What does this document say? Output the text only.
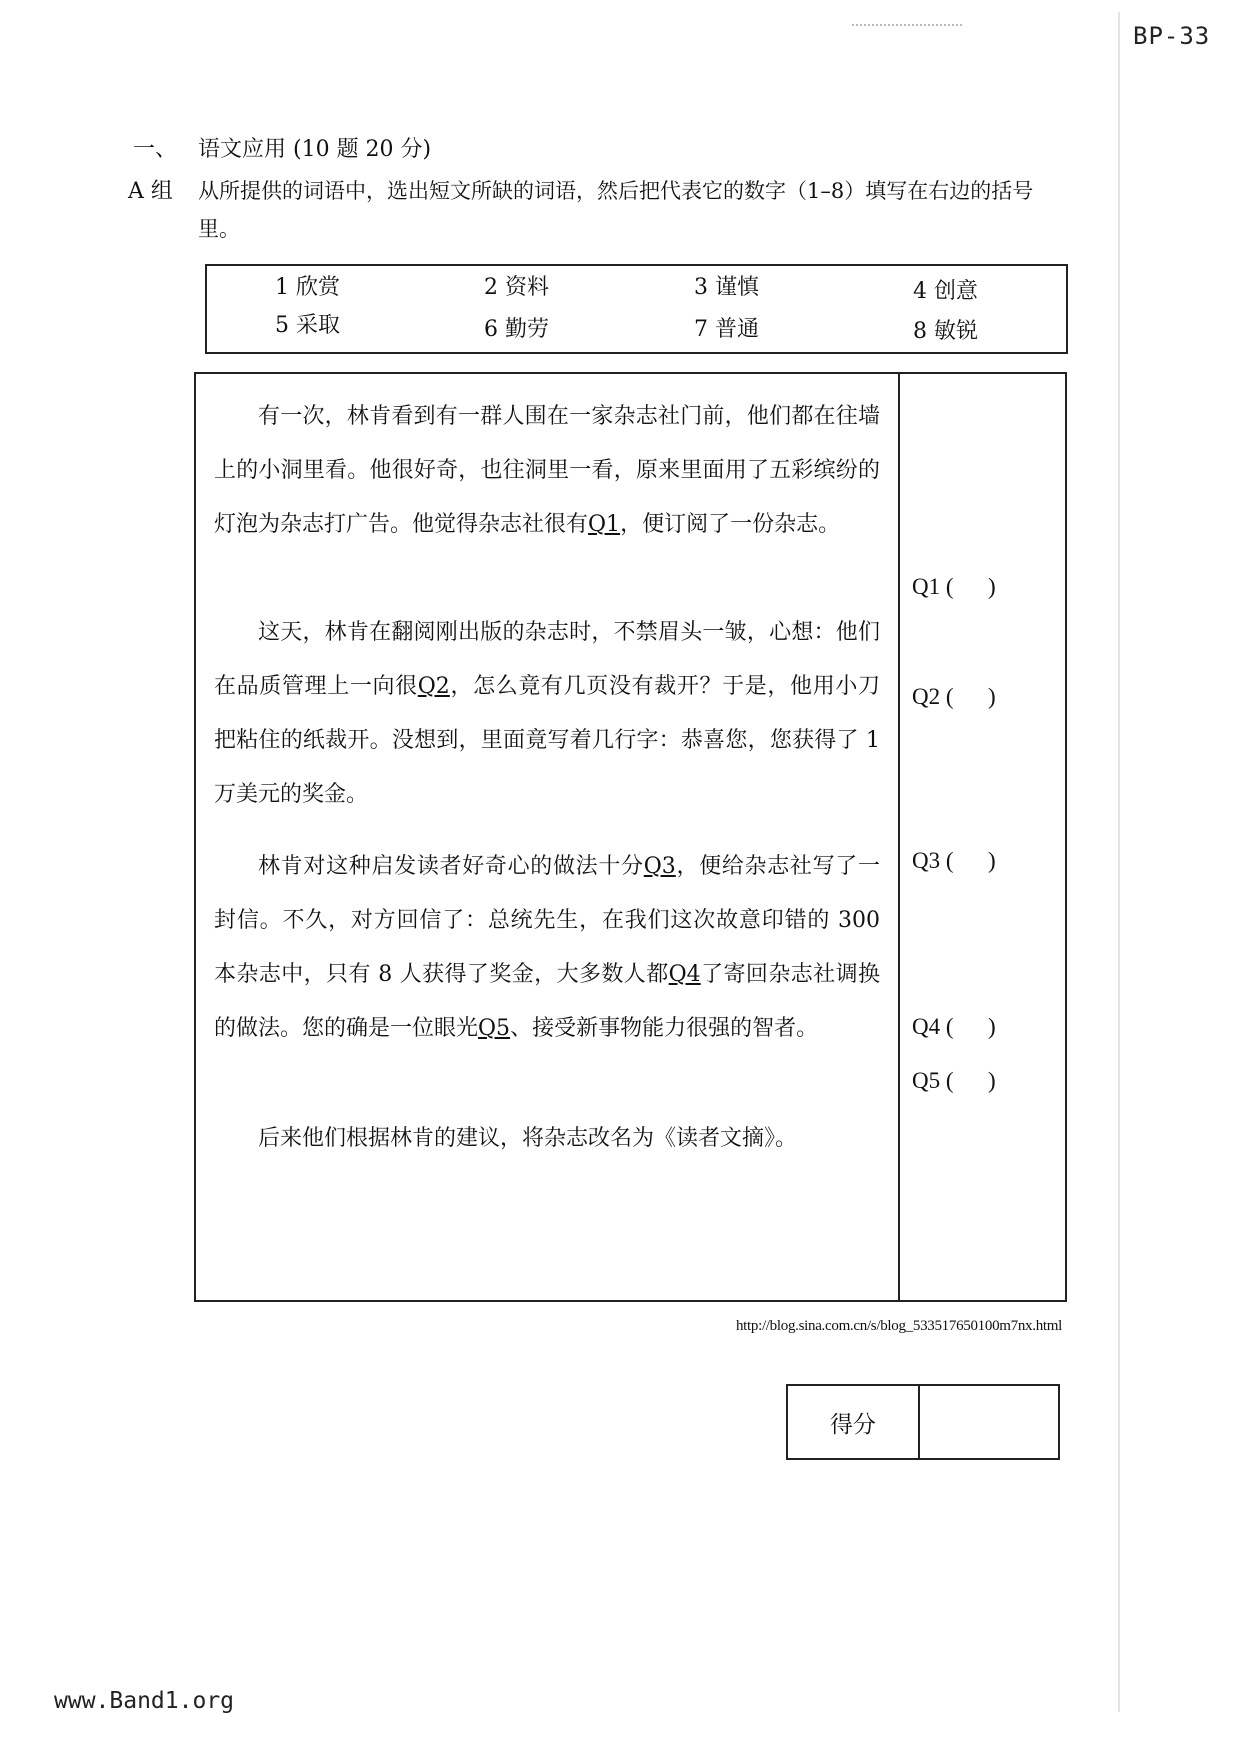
BP-33
一、 语文应用 (10 题 20 分)
A 组 从所提供的词语中，选出短文所缺的词语，然后把代表它的数字（1–8）填写在右边的括号里。
1 欣赏	2 资料	3 谨慎	4 创意
5 采取	6 勤劳	7 普通	8 敏锐
有一次，林肯看到有一群人围在一家杂志社门前，他们都在往墙上的小洞里看。他很好奇，也往洞里一看，原来里面用了五彩缤纷的灯泡为杂志打广告。他觉得杂志社很有Q1，便订阅了一份杂志。
这天，林肯在翻阅刚出版的杂志时，不禁眉头一皱，心想：他们在品质管理上一向很Q2，怎么竟有几页没有裁开？于是，他用小刀把粘住的纸裁开。没想到，里面竟写着几行字：恭喜您，您获得了 1 万美元的奖金。
林肯对这种启发读者好奇心的做法十分Q3，便给杂志社写了一封信。不久，对方回信了：总统先生，在我们这次故意印错的 300 本杂志中，只有 8 人获得了奖金，大多数人都Q4了寄回杂志社调换的做法。您的确是一位眼光Q5、接受新事物能力很强的智者。
后来他们根据林肯的建议，将杂志改名为《读者文摘》。
Q1 ( )
Q2 ( )
Q3 ( )
Q4 ( )
Q5 ( )
http://blog.sina.com.cn/s/blog_533517650100m7nx.html
得分
www.Band1.org
